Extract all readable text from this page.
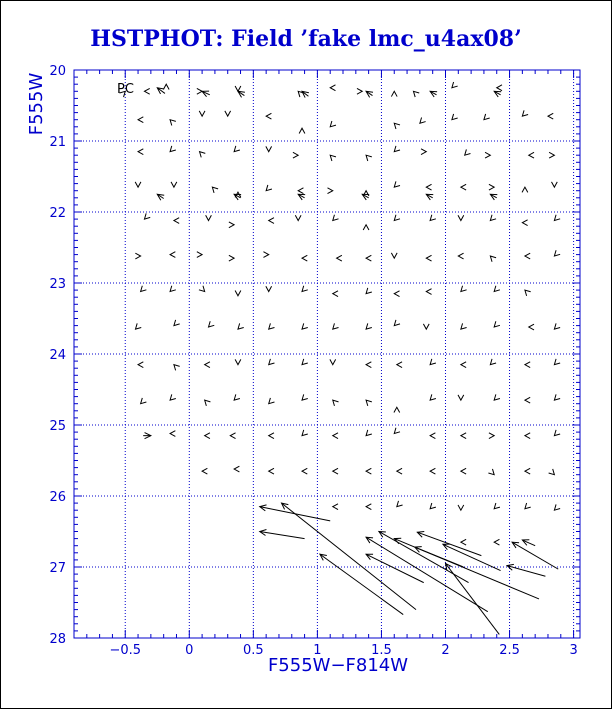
HSTPHOT: Field ’fake lmc_u4ax08’
−0.5	0	0.5	1	1.5	2	2.5	3
20
21
22
23
24
25
26
27
28
PC
F555W−F814W
F555W
